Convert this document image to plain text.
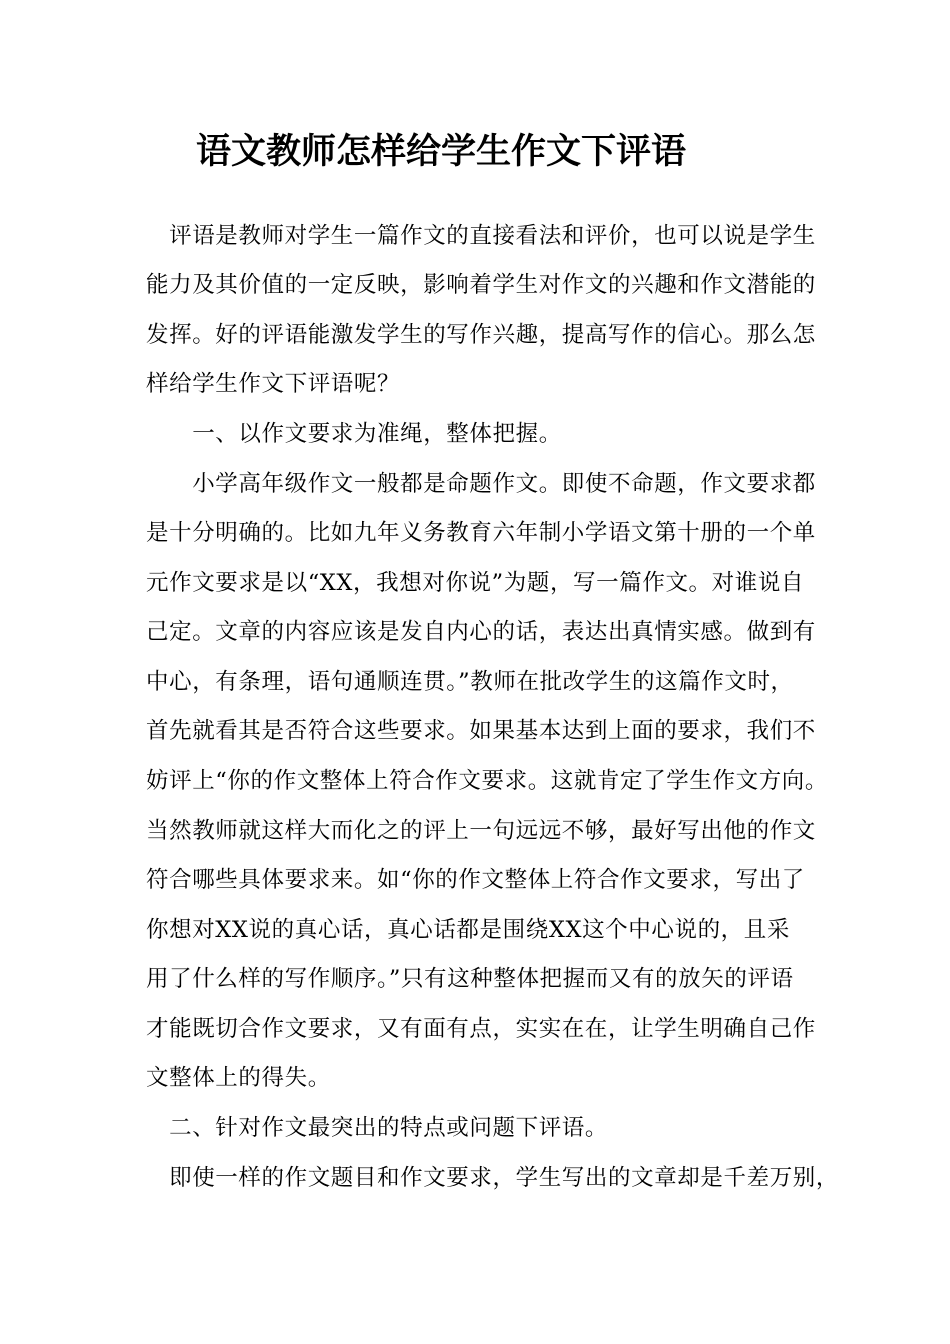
语文教师怎样给学生作文下评语

　评语是教师对学生一篇作文的直接看法和评价，也可以说是学生

能力及其价值的一定反映，影响着学生对作文的兴趣和作文潜能的

发挥。好的评语能激发学生的写作兴趣，提高写作的信心。那么怎

样给学生作文下评语呢？

　　一、以作文要求为准绳，整体把握。

　　小学高年级作文一般都是命题作文。即使不命题，作文要求都

是十分明确的。比如九年义务教育六年制小学语文第十册的一个单

元作文要求是以“XX，我想对你说”为题，写一篇作文。对谁说自

己定。文章的内容应该是发自内心的话，表达出真情实感。做到有

中心，有条理，语句通顺连贯。”教师在批改学生的这篇作文时，

首先就看其是否符合这些要求。如果基本达到上面的要求，我们不

妨评上“你的作文整体上符合作文要求。这就肯定了学生作文方向。

当然教师就这样大而化之的评上一句远远不够，最好写出他的作文

符合哪些具体要求来。如“你的作文整体上符合作文要求，写出了

你想对XX说的真心话，真心话都是围绕XX这个中心说的，且采

用了什么样的写作顺序。”只有这种整体把握而又有的放矢的评语

才能既切合作文要求，又有面有点，实实在在，让学生明确自己作

文整体上的得失。

　二、针对作文最突出的特点或问题下评语。

　即使一样的作文题目和作文要求，学生写出的文章却是千差万别，
